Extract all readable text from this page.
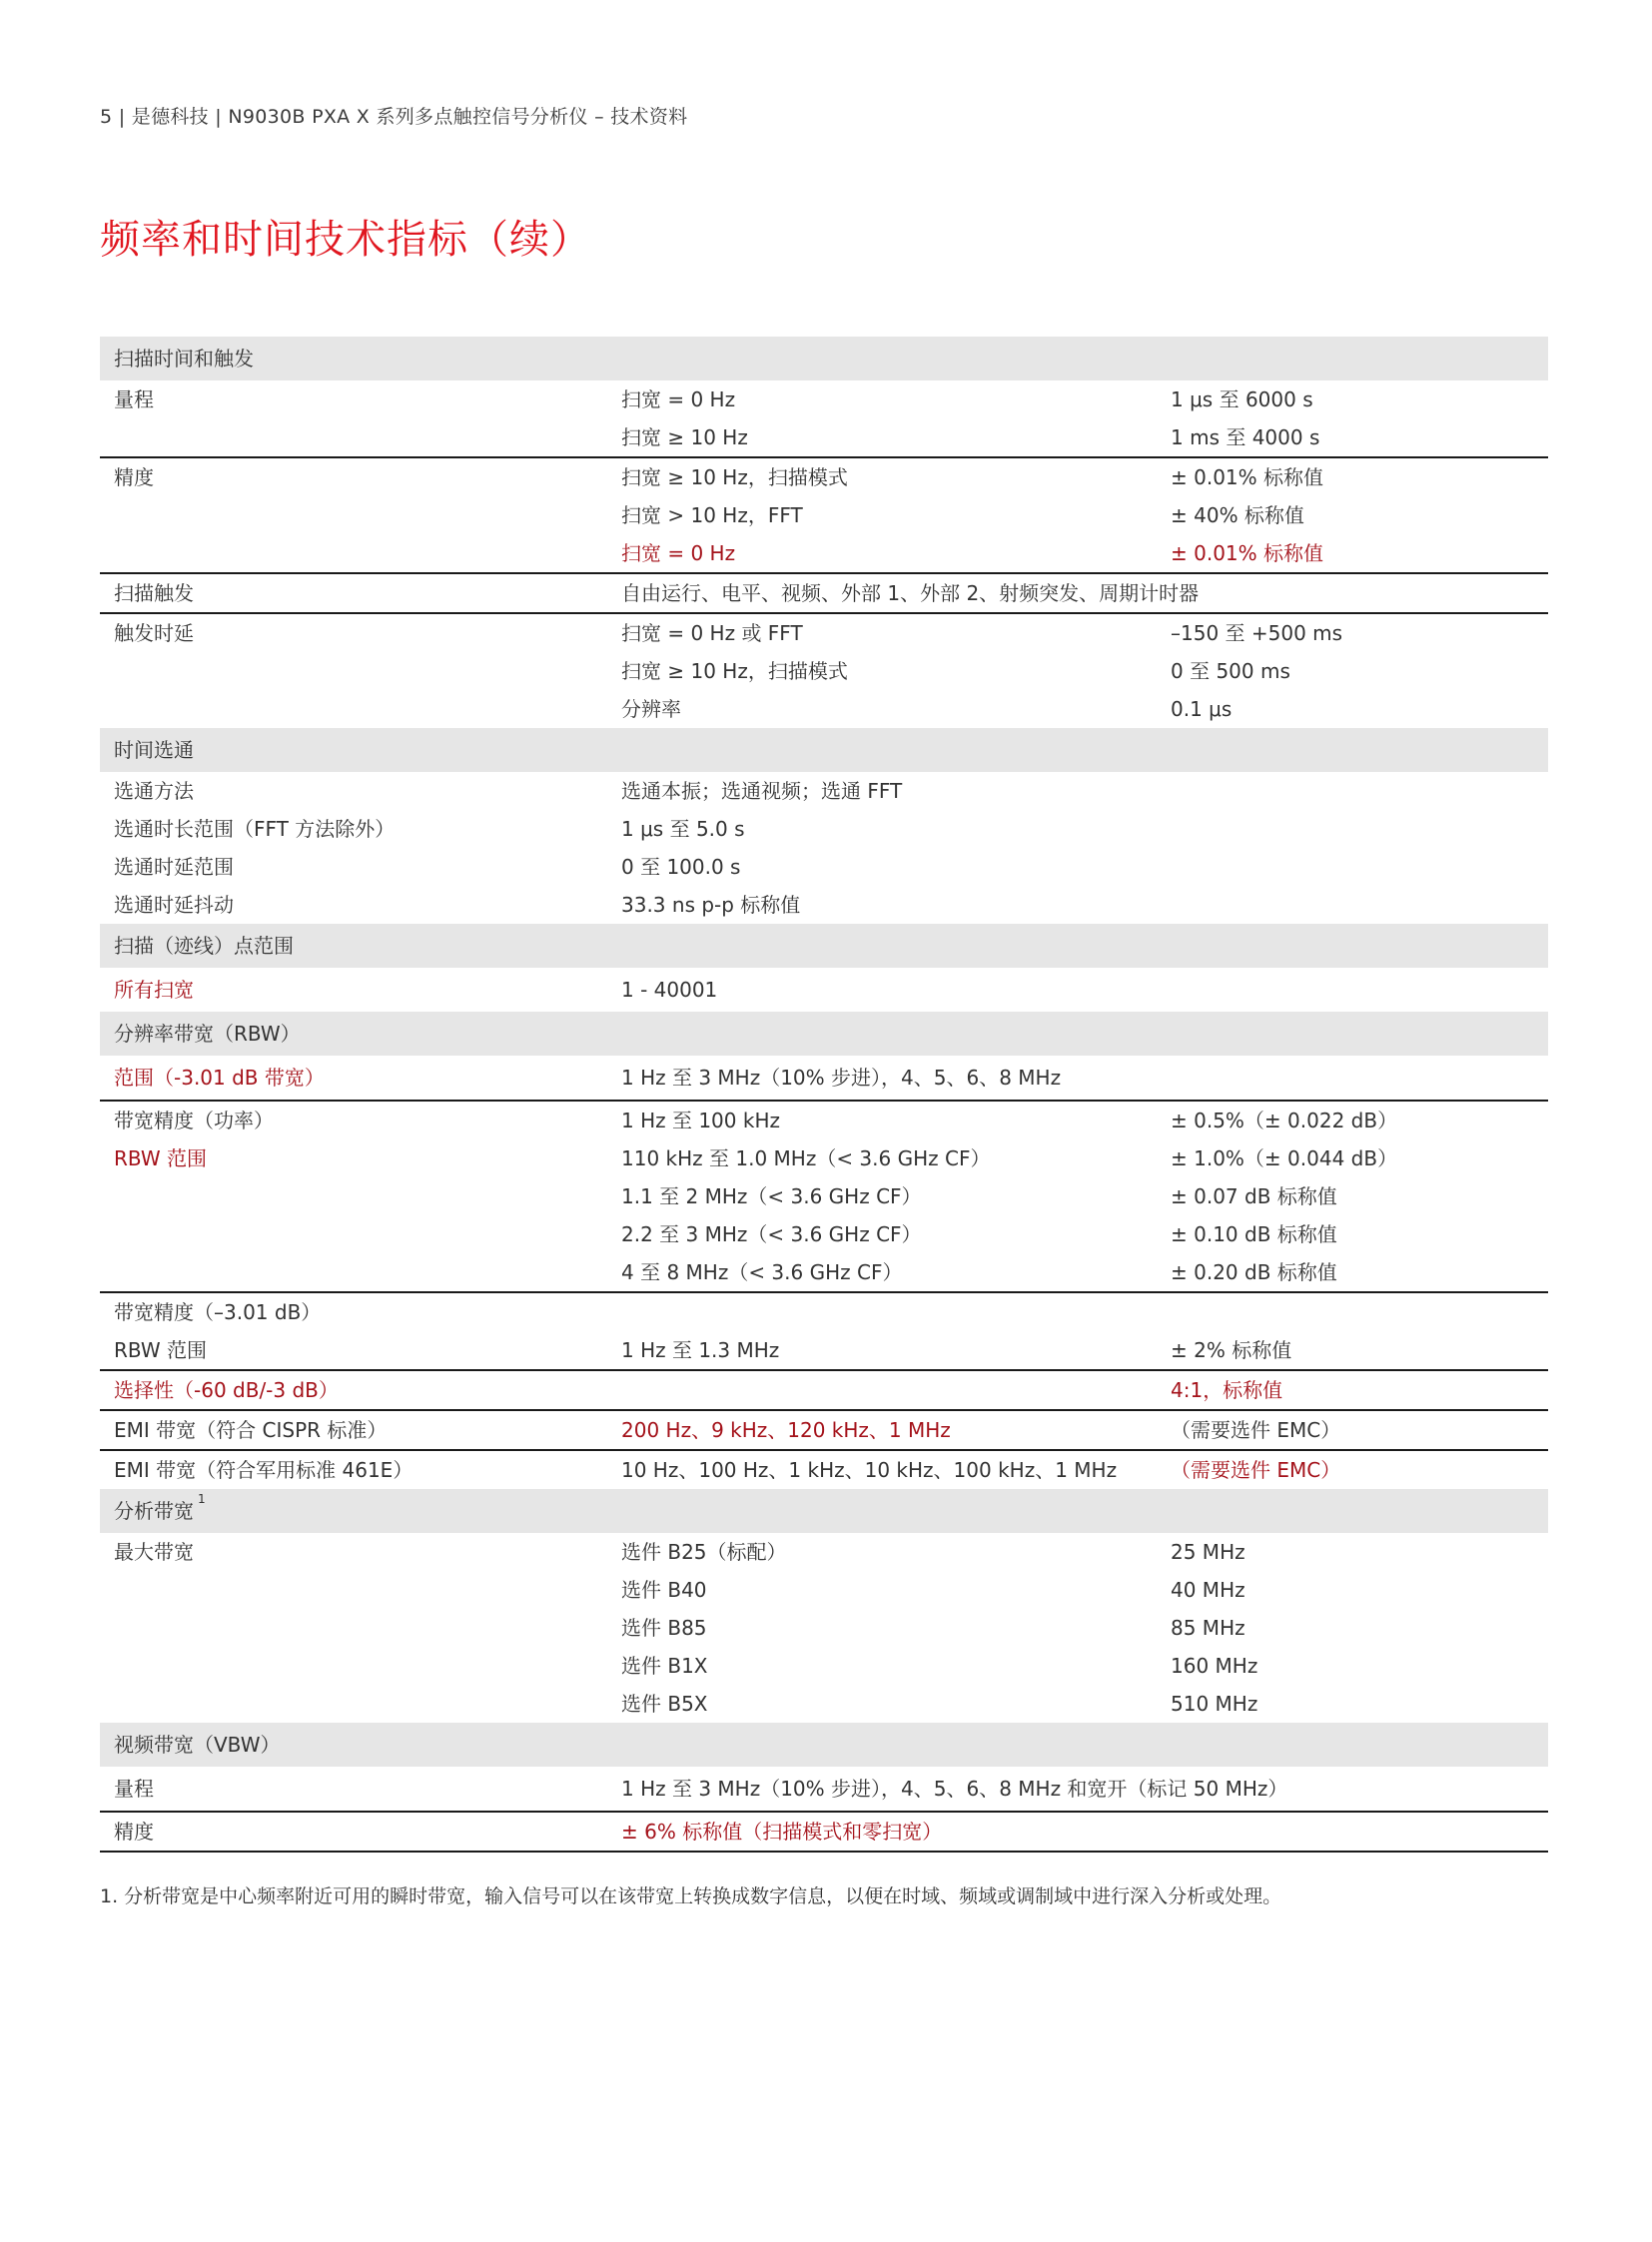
5 | 是德科技 | N9030B PXA X 系列多点触控信号分析仪 – 技术资料
频率和时间技术指标（续）
扫描时间和触发		
量程	扫宽 = 0 Hz	1 μs 至 6000 s
	扫宽 ≥ 10 Hz	1 ms 至 4000 s
精度	扫宽 ≥ 10 Hz，扫描模式	± 0.01% 标称值
	扫宽 > 10 Hz，FFT	± 40% 标称值
	扫宽 = 0 Hz	± 0.01% 标称值
扫描触发	自由运行、电平、视频、外部 1、外部 2、射频突发、周期计时器	
触发时延	扫宽 = 0 Hz 或 FFT	–150 至 +500 ms
	扫宽 ≥ 10 Hz，扫描模式	0 至 500 ms
	分辨率	0.1 μs
时间选通		
选通方法	选通本振；选通视频；选通 FFT	
选通时长范围（FFT 方法除外）	1 μs 至 5.0 s	
选通时延范围	0 至 100.0 s	
选通时延抖动	33.3 ns p-p 标称值	
扫描（迹线）点范围		
所有扫宽	1 - 40001	
分辨率带宽（RBW）		
范围（-3.01 dB 带宽）	1 Hz 至 3 MHz（10% 步进），4、5、6、8 MHz	
带宽精度（功率）	1 Hz 至 100 kHz	± 0.5%（± 0.022 dB）
RBW 范围	110 kHz 至 1.0 MHz（< 3.6 GHz CF）	± 1.0%（± 0.044 dB）
	1.1 至 2 MHz（< 3.6 GHz CF）	± 0.07 dB 标称值
	2.2 至 3 MHz（< 3.6 GHz CF）	± 0.10 dB 标称值
	4 至 8 MHz（< 3.6 GHz CF）	± 0.20 dB 标称值
带宽精度（–3.01 dB）		
RBW 范围	1 Hz 至 1.3 MHz	± 2% 标称值
选择性（-60 dB/-3 dB）		4:1，标称值
EMI 带宽（符合 CISPR 标准）	200 Hz、9 kHz、120 kHz、1 MHz	（需要选件 EMC）
EMI 带宽（符合军用标准 461E）	10 Hz、100 Hz、1 kHz、10 kHz、100 kHz、1 MHz	（需要选件 EMC）
分析带宽 $^1$
最大带宽	选件 B25（标配）	25 MHz
	选件 B40	40 MHz
	选件 B85	85 MHz
	选件 B1X	160 MHz
	选件 B5X	510 MHz
视频带宽（VBW）		
量程	1 Hz 至 3 MHz（10% 步进），4、5、6、8 MHz 和宽开（标记 50 MHz）	
精度	± 6% 标称值（扫描模式和零扫宽）	
1. 分析带宽是中心频率附近可用的瞬时带宽，输入信号可以在该带宽上转换成数字信息，以便在时域、频域或调制域中进行深入分析或处理。
